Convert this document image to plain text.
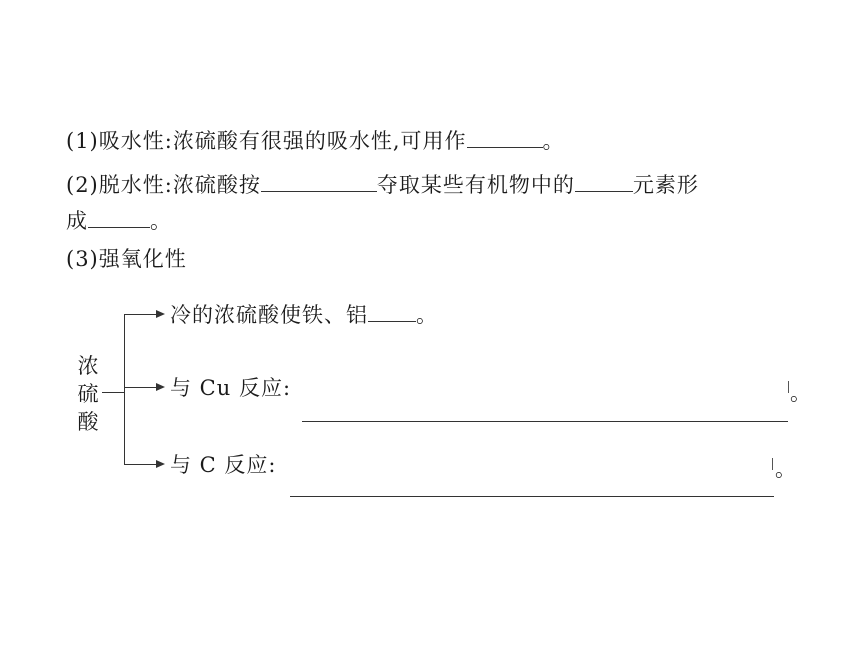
(1)吸水性:浓硫酸有很强的吸水性,可用作	。
(2)脱水性:浓硫酸按	夺取某些有机物中的	元素形
成	。
(3)强氧化性
浓
硫
酸
冷的浓硫酸使铁、铝 。
与 Cu 反应:	。
与 C 反应:	。
